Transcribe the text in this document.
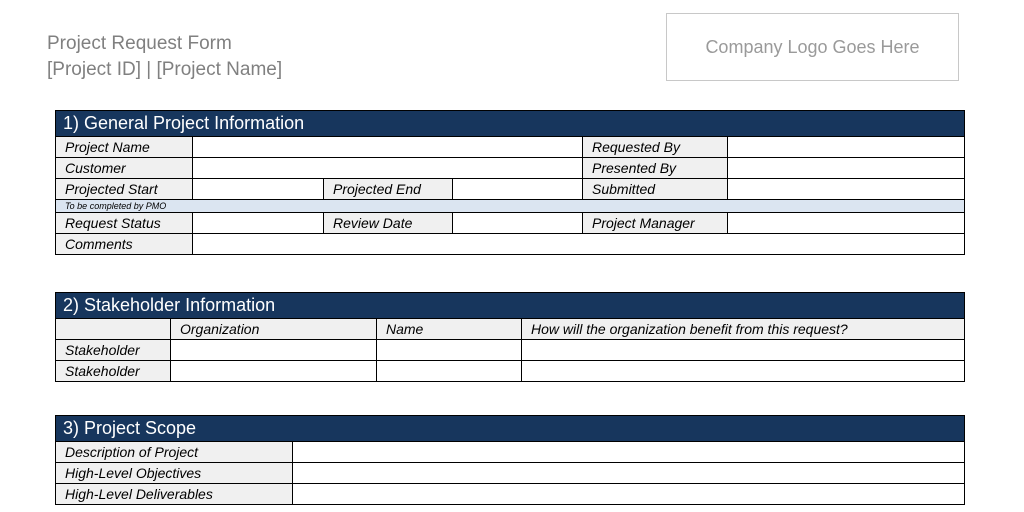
Project Request Form
[Project ID] | [Project Name]
Company Logo Goes Here
1) General Project Information					
Project Name				Requested By	
Customer				Presented By	
Projected Start		Projected End		Submitted	
To be completed by PMO					
Request Status		Review Date		Project Manager	
Comments					
2) Stakeholder Information			
	Organization	Name	How will the organization benefit from this request?
Stakeholder			
Stakeholder			
3) Project Scope	
Description of Project	
High-Level Objectives	
High-Level Deliverables	
